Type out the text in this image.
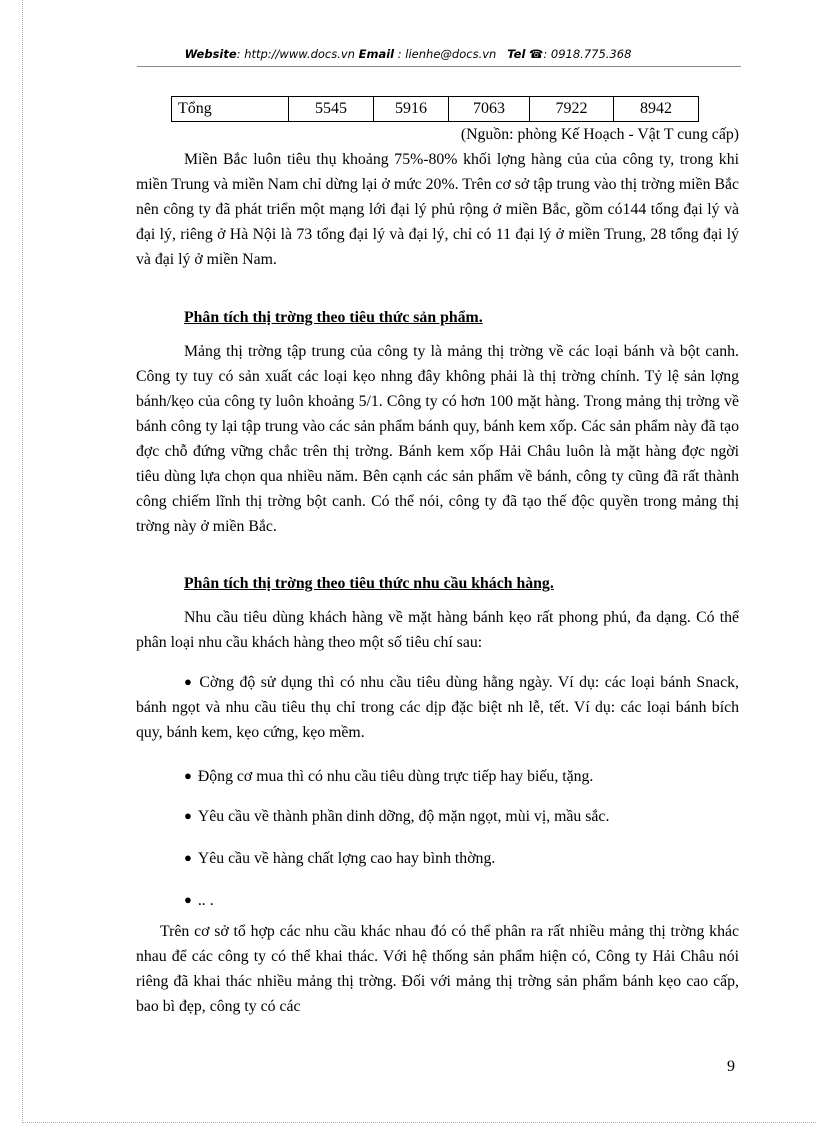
Website: http://www.docs.vn Email : lienhe@docs.vn Tel ☎: 0918.775.368
Tổng	5545	5916	7063	7922	8942
(Nguồn: phòng Kế Hoạch - Vật T cung cấp)
Miền Bắc luôn tiêu thụ khoảng 75%-80% khối lợng hàng của của công ty, trong khi miền Trung và miền Nam chỉ dừng lại ở mức 20%. Trên cơ sở tập trung vào thị trờng miền Bắc nên công ty đã phát triển một mạng lới đại lý phủ rộng ở miền Bắc, gồm có144 tổng đại lý và đại lý, riêng ở Hà Nội là 73 tổng đại lý và đại lý, chỉ có 11 đại lý ở miền Trung, 28 tổng đại lý và đại lý ở miền Nam.
Phân tích thị trờng theo tiêu thức sản phẩm.
Mảng thị trờng tập trung của công ty là mảng thị trờng về các loại bánh và bột canh. Công ty tuy có sản xuất các loại kẹo nhng đây không phải là thị trờng chính. Tỷ lệ sản lợng bánh/kẹo của công ty luôn khoảng 5/1. Công ty có hơn 100 mặt hàng. Trong mảng thị trờng về bánh công ty lại tập trung vào các sản phẩm bánh quy, bánh kem xốp. Các sản phẩm này đã tạo đợc chỗ đứng vững chắc trên thị trờng. Bánh kem xốp Hải Châu luôn là mặt hàng đợc ngời tiêu dùng lựa chọn qua nhiều năm. Bên cạnh các sản phẩm về bánh, công ty cũng đã rất thành công chiếm lĩnh thị trờng bột canh. Có thể nói, công ty đã tạo thế độc quyền trong mảng thị trờng này ở miền Bắc.
Phân tích thị trờng theo tiêu thức nhu cầu khách hàng.
Nhu cầu tiêu dùng khách hàng về mặt hàng bánh kẹo rất phong phú, đa dạng. Có thể phân loại nhu cầu khách hàng theo một số tiêu chí sau:
● Cờng độ sử dụng thì có nhu cầu tiêu dùng hằng ngày. Ví dụ: các loại bánh Snack, bánh ngọt và nhu cầu tiêu thụ chỉ trong các dịp đặc biệt nh lễ, tết. Ví dụ: các loại bánh bích quy, bánh kem, kẹo cứng, kẹo mềm.
● Động cơ mua thì có nhu cầu tiêu dùng trực tiếp hay biếu, tặng.
● Yêu cầu về thành phần dinh dỡng, độ mặn ngọt, mùi vị, mầu sắc.
● Yêu cầu về hàng chất lợng cao hay bình thờng.
● .. .
Trên cơ sở tổ hợp các nhu cầu khác nhau đó có thể phân ra rất nhiều mảng thị trờng khác nhau để các công ty có thể khai thác. Với hệ thống sản phẩm hiện có, Công ty Hải Châu nói riêng đã khai thác nhiều mảng thị trờng. Đối với mảng thị trờng sản phẩm bánh kẹo cao cấp, bao bì đẹp, công ty có các
9
